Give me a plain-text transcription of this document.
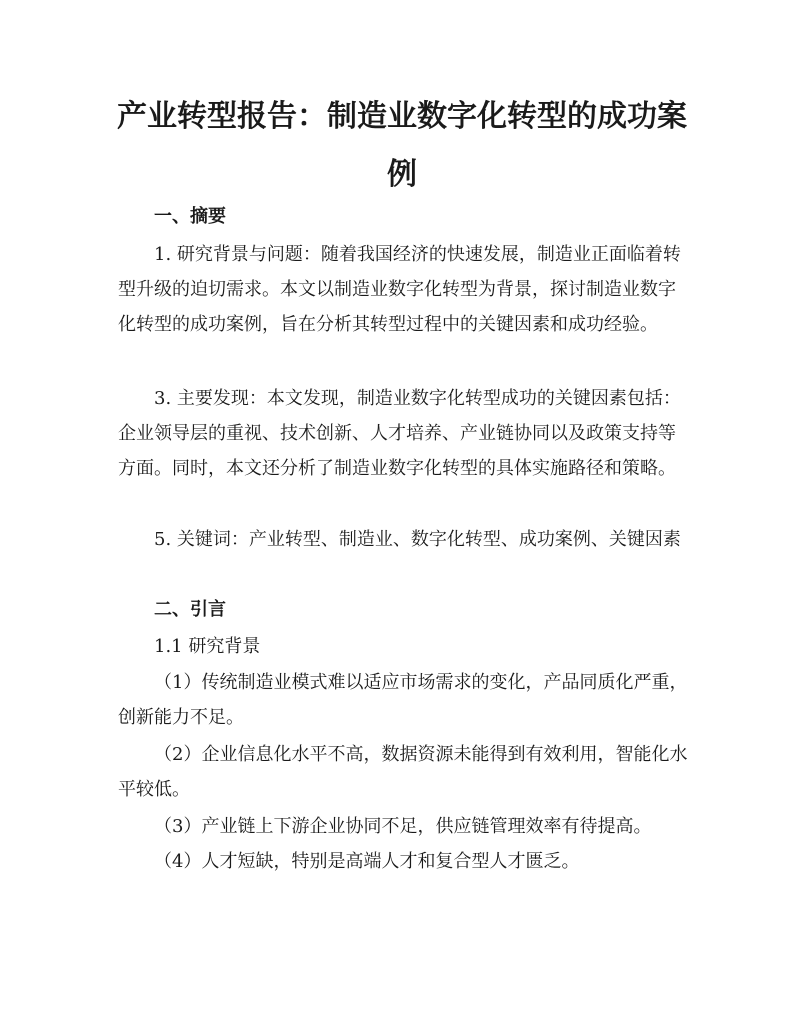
产业转型报告：制造业数字化转型的成功案例
一、摘要

1. 研究背景与问题：随着我国经济的快速发展，制造业正面临着转型升级的迫切需求。本文以制造业数字化转型为背景，探讨制造业数字化转型的成功案例，旨在分析其转型过程中的关键因素和成功经验。

3. 主要发现：本文发现，制造业数字化转型成功的关键因素包括：企业领导层的重视、技术创新、人才培养、产业链协同以及政策支持等方面。同时，本文还分析了制造业数字化转型的具体实施路径和策略。

5. 关键词：产业转型、制造业、数字化转型、成功案例、关键因素

二、引言

1.1 研究背景

（1）传统制造业模式难以适应市场需求的变化，产品同质化严重，创新能力不足。

（2）企业信息化水平不高，数据资源未能得到有效利用，智能化水平较低。

（3）产业链上下游企业协同不足，供应链管理效率有待提高。

（4）人才短缺，特别是高端人才和复合型人才匮乏。
